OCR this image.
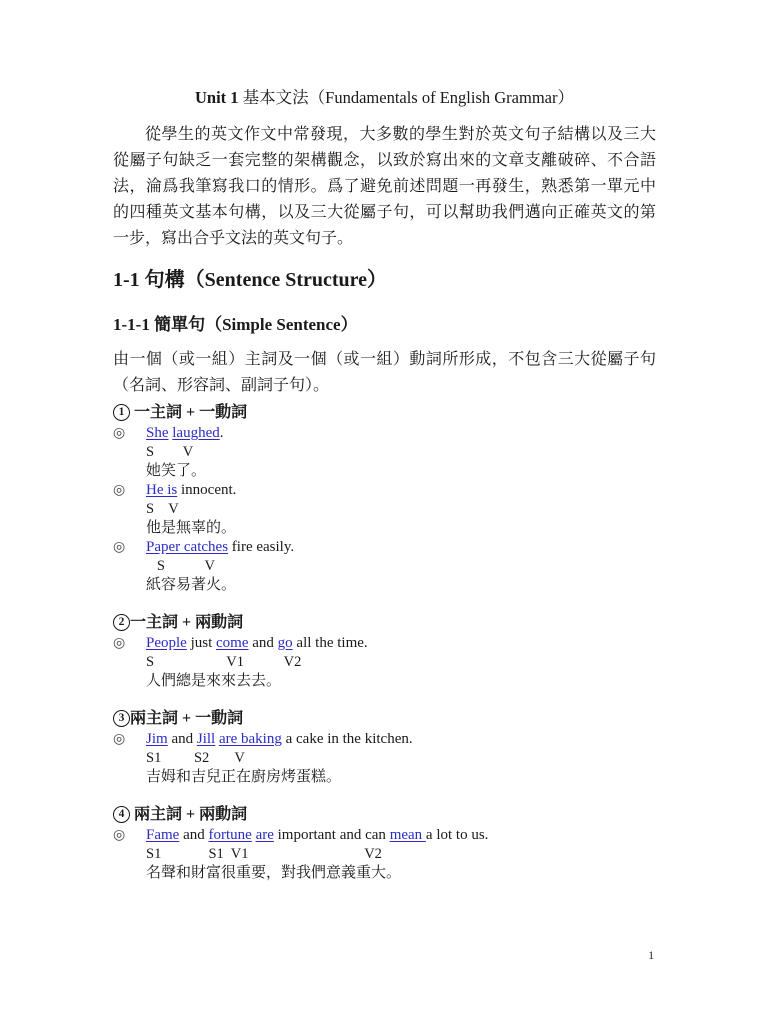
Unit 1 基本文法（Fundamentals of English Grammar）

從學生的英文作文中常發現，大多數的學生對於英文句子結構以及三大從屬子句缺乏一套完整的架構觀念，以致於寫出來的文章支離破碎、不合語法，淪爲我筆寫我口的情形。爲了避免前述問題一再發生，熟悉第一單元中的四種英文基本句構，以及三大從屬子句，可以幫助我們邁向正確英文的第一步，寫出合乎文法的英文句子。

1-1 句構（Sentence Structure）
1-1-1 簡單句（Simple Sentence）

由一個（或一組）主詞及一個（或一組）動詞所形成，不包含三大從屬子句（名詞、形容詞、副詞子句）。

1 一主詞 + 一動詞
◎	She laughed.
S        V
她笑了。
◎	He is innocent.
S    V
他是無辜的。
◎	Paper catches fire easily.
S           V
紙容易著火。
2 一主詞 + 兩動詞
◎	People just come and go all the time.
S                    V1           V2
人們總是來來去去。
3 兩主詞 + 一動詞
◎	Jim and Jill are baking a cake in the kitchen.
S1         S2       V
吉姆和吉兒正在廚房烤蛋糕。
4 兩主詞 + 兩動詞
◎	Fame and fortune are important and can mean a lot to us.
S1             S1  V1                                V2
名聲和財富很重要，對我們意義重大。
1
